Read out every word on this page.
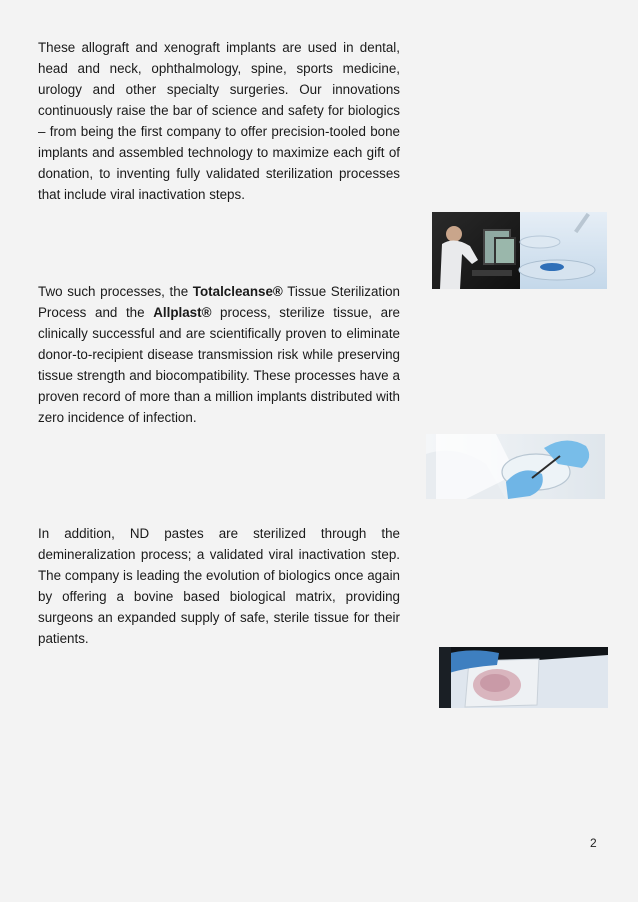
These allograft and xenograft implants are used in dental, head and neck, ophthalmology, spine, sports medicine, urology and other specialty surgeries. Our innovations continuously raise the bar of science and safety for biologics – from being the first company to offer precision-tooled bone implants and assembled technology to maximize each gift of donation, to inventing fully validated sterilization processes that include viral inactivation steps.

Two such processes, the Totalcleanse® Tissue Sterilization Process and the Allplast® process, sterilize tissue, are clinically successful and are scientifically proven to eliminate donor-to-recipient disease transmission risk while preserving tissue strength and biocompatibility. These processes have a proven record of more than a million implants distributed with zero incidence of infection.

In addition, ND pastes are sterilized through the demineralization process; a validated viral inactivation step. The company is leading the evolution of biologics once again by offering a bovine based biological matrix, providing surgeons an expanded supply of safe, sterile tissue for their patients.

2
